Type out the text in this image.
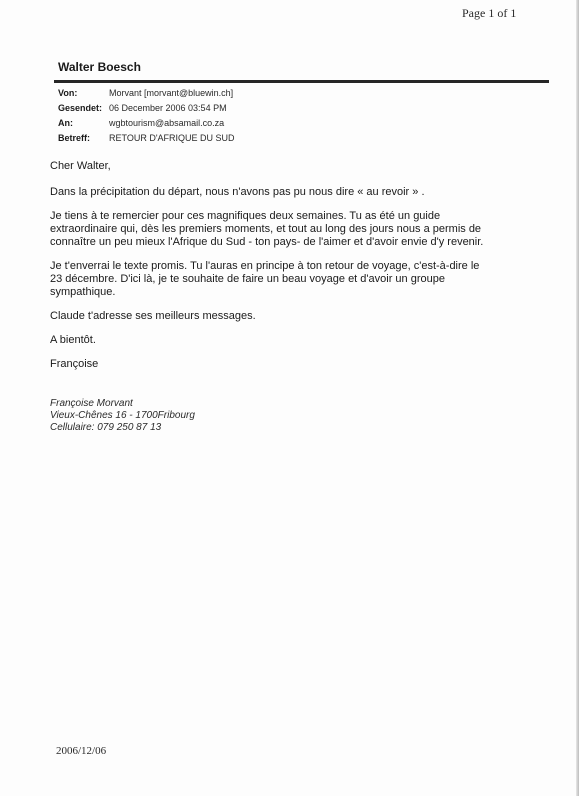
Page 1 of 1
Walter Boesch
Von:	Morvant [morvant@bluewin.ch]
Gesendet: 06 December 2006 03:54 PM
An:	wgbtourism@absamail.co.za
Betreff:	RETOUR D'AFRIQUE DU SUD

Cher Walter,

Dans la précipitation du départ, nous n'avons pas pu nous dire « au revoir » .

Je tiens à te remercier pour ces magnifiques deux semaines. Tu as été un guide
extraordinaire qui, dès les premiers moments, et tout au long des jours nous a permis de
connaître un peu mieux l'Afrique du Sud - ton pays- de l'aimer et d'avoir envie d'y revenir.

Je t'enverrai le texte promis. Tu l'auras en principe à ton retour de voyage, c'est-à-dire le
23 décembre. D'ici là, je te souhaite de faire un beau voyage et d'avoir un groupe
sympathique.

Claude t'adresse ses meilleurs messages.

A bientôt.

Françoise

Françoise Morvant
Vieux-Chênes 16 - 1700Fribourg
Cellulaire: 079 250 87 13
2006/12/06
